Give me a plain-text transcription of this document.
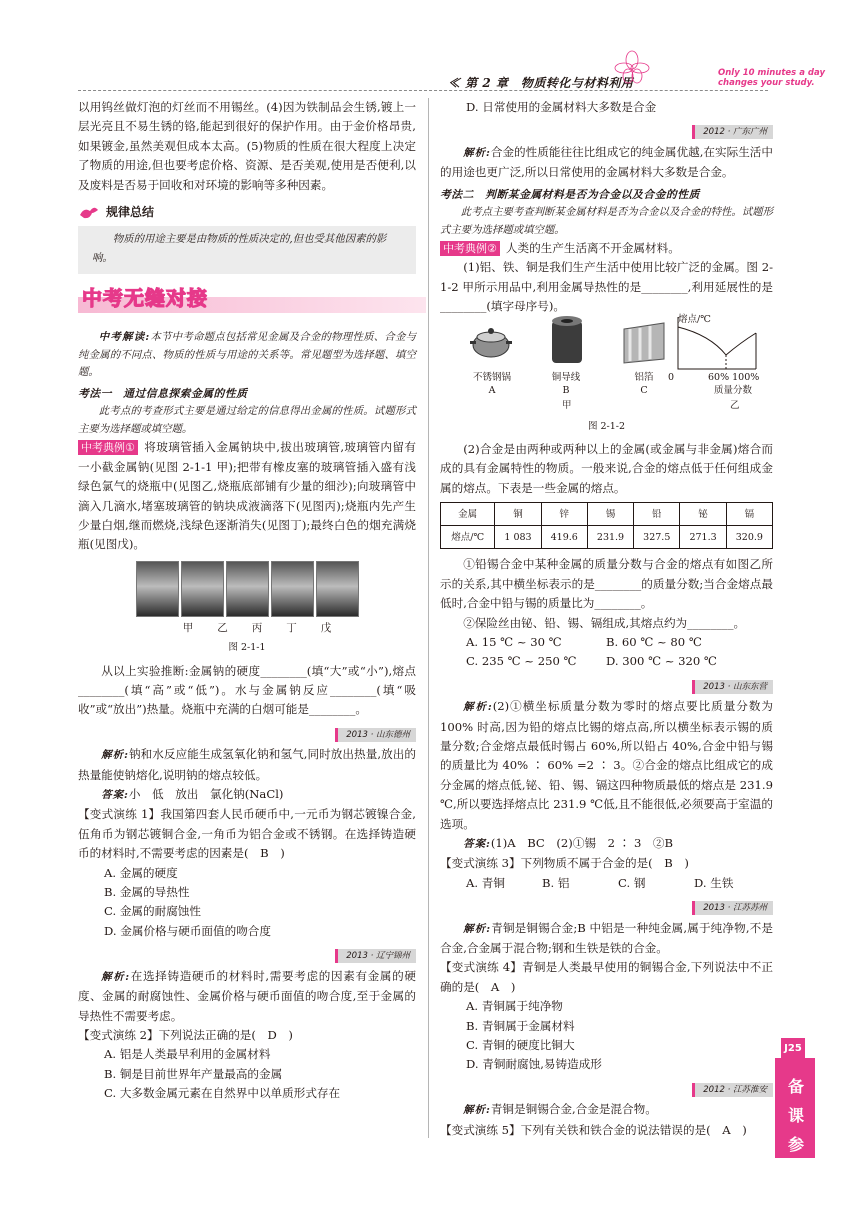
≪ 第 2 章　物质转化与材料利用
Only 10 minutes a day
changes your study.
以用钨丝做灯泡的灯丝而不用锡丝。(4)因为铁制品会生锈,镀上一层光亮且不易生锈的铬,能起到很好的保护作用。由于金价格昂贵,如果镀金,虽然美观但成本太高。(5)物质的性质在很大程度上决定了物质的用途,但也要考虑价格、资源、是否美观,使用是否便利,以及废料是否易于回收和对环境的影响等多种因素。
规律总结
物质的用途主要是由物质的性质决定的,但也受其他因素的影响。
中考无缝对接
中考解读:本节中考命题点包括常见金属及合金的物理性质、合金与纯金属的不同点、物质的性质与用途的关系等。常见题型为选择题、填空题。
考法一　通过信息探索金属的性质
此考点的考查形式主要是通过给定的信息得出金属的性质。试题形式主要为选择题或填空题。
中考典例① 将玻璃管插入金属钠块中,拔出玻璃管,玻璃管内留有一小截金属钠(见图 2-1-1 甲);把带有橡皮塞的玻璃管插入盛有浅绿色氯气的烧瓶中(见图乙,烧瓶底部铺有少量的细沙);向玻璃管中滴入几滴水,堵塞玻璃管的钠块成液滴落下(见图丙);烧瓶内先产生少量白烟,继而燃烧,浅绿色逐渐消失(见图丁);最终白色的烟充满烧瓶(见图戊)。
甲 乙 丙 丁 戊
图 2-1-1
从以上实验推断:金属钠的硬度________(填“大”或“小”),熔点________(填“高”或“低”)。水与金属钠反应________(填“吸收”或“放出”)热量。烧瓶中充满的白烟可能是________。
2013 · 山东德州
解析:钠和水反应能生成氢氧化钠和氢气,同时放出热量,放出的热量能使钠熔化,说明钠的熔点较低。
答案:小　低　放出　氯化钠(NaCl)
【变式演练 1】我国第四套人民币硬币中,一元币为钢芯镀镍合金,伍角币为钢芯镀铜合金,一角币为铝合金或不锈钢。在选择铸造硬币的材料时,不需要考虑的因素是(　B　)
A. 金属的硬度
B. 金属的导热性
C. 金属的耐腐蚀性
D. 金属价格与硬币面值的吻合度
2013 · 辽宁锦州
解析:在选择铸造硬币的材料时,需要考虑的因素有金属的硬度、金属的耐腐蚀性、金属价格与硬币面值的吻合度,至于金属的导热性不需要考虑。
【变式演练 2】下列说法正确的是(　D　)
A. 铝是人类最早利用的金属材料
B. 铜是目前世界年产量最高的金属
C. 大多数金属元素在自然界中以单质形式存在
D. 日常使用的金属材料大多数是合金
2012 · 广东广州
解析:合金的性质能往往比组成它的纯金属优越,在实际生活中的用途也更广泛,所以日常使用的金属材料大多数是合金。
考法二　判断某金属材料是否为合金以及合金的性质
此考点主要考查判断某金属材料是否为合金以及合金的特性。试题形式主要为选择题或填空题。
中考典例② 人类的生产生活离不开金属材料。
(1)铝、铁、铜是我们生产生活中使用比较广泛的金属。图 2-1-2 甲所示用品中,利用金属导热性的是________,利用延展性的是________(填字母序号)。
熔点/℃
不锈钢锅
A
铜导线
B
铝箔
C
0	60% 100%
质量分数
甲	乙
图 2-1-2
(2)合金是由两种或两种以上的金属(或金属与非金属)熔合而成的具有金属特性的物质。一般来说,合金的熔点低于任何组成金属的熔点。下表是一些金属的熔点。
金属	铜	锌	锡	铅	铋	镉
熔点/℃	1 083	419.6	231.9	327.5	271.3	320.9
①铅锡合金中某种金属的质量分数与合金的熔点有如图乙所示的关系,其中横坐标表示的是________的质量分数;当合金熔点最低时,合金中铅与锡的质量比为________。
②保险丝由铋、铅、锡、镉组成,其熔点约为________。
A. 15 ℃ ~ 30 ℃	B. 60 ℃ ~ 80 ℃
C. 235 ℃ ~ 250 ℃	D. 300 ℃ ~ 320 ℃
2013 · 山东东营
解析:(2)①横坐标质量分数为零时的熔点要比质量分数为 100% 时高,因为铅的熔点比锡的熔点高,所以横坐标表示锡的质量分数;合金熔点最低时锡占 60%,所以铅占 40%,合金中铅与锡的质量比为 40% ∶ 60% =2 ∶ 3。②合金的熔点比组成它的成分金属的熔点低,铋、铅、锡、镉这四种物质最低的熔点是 231.9 ℃,所以要选择熔点比 231.9 ℃低,且不能很低,必须要高于室温的选项。
答案:(1)A　BC　(2)①锡　2 ∶ 3　②B
【变式演练 3】下列物质不属于合金的是(　B　)
A. 青铜	B. 铝	C. 钢	D. 生铁
2013 · 江苏苏州
解析:青铜是铜锡合金;B 中铝是一种纯金属,属于纯净物,不是合金,合金属于混合物;钢和生铁是铁的合金。
【变式演练 4】青铜是人类最早使用的铜锡合金,下列说法中不正确的是(　A　)
A. 青铜属于纯净物
B. 青铜属于金属材料
C. 青铜的硬度比铜大
D. 青铜耐腐蚀,易铸造成形
2012 · 江苏淮安
解析:青铜是铜锡合金,合金是混合物。
【变式演练 5】下列有关铁和铁合金的说法错误的是(　A　)
J25
备课参考
